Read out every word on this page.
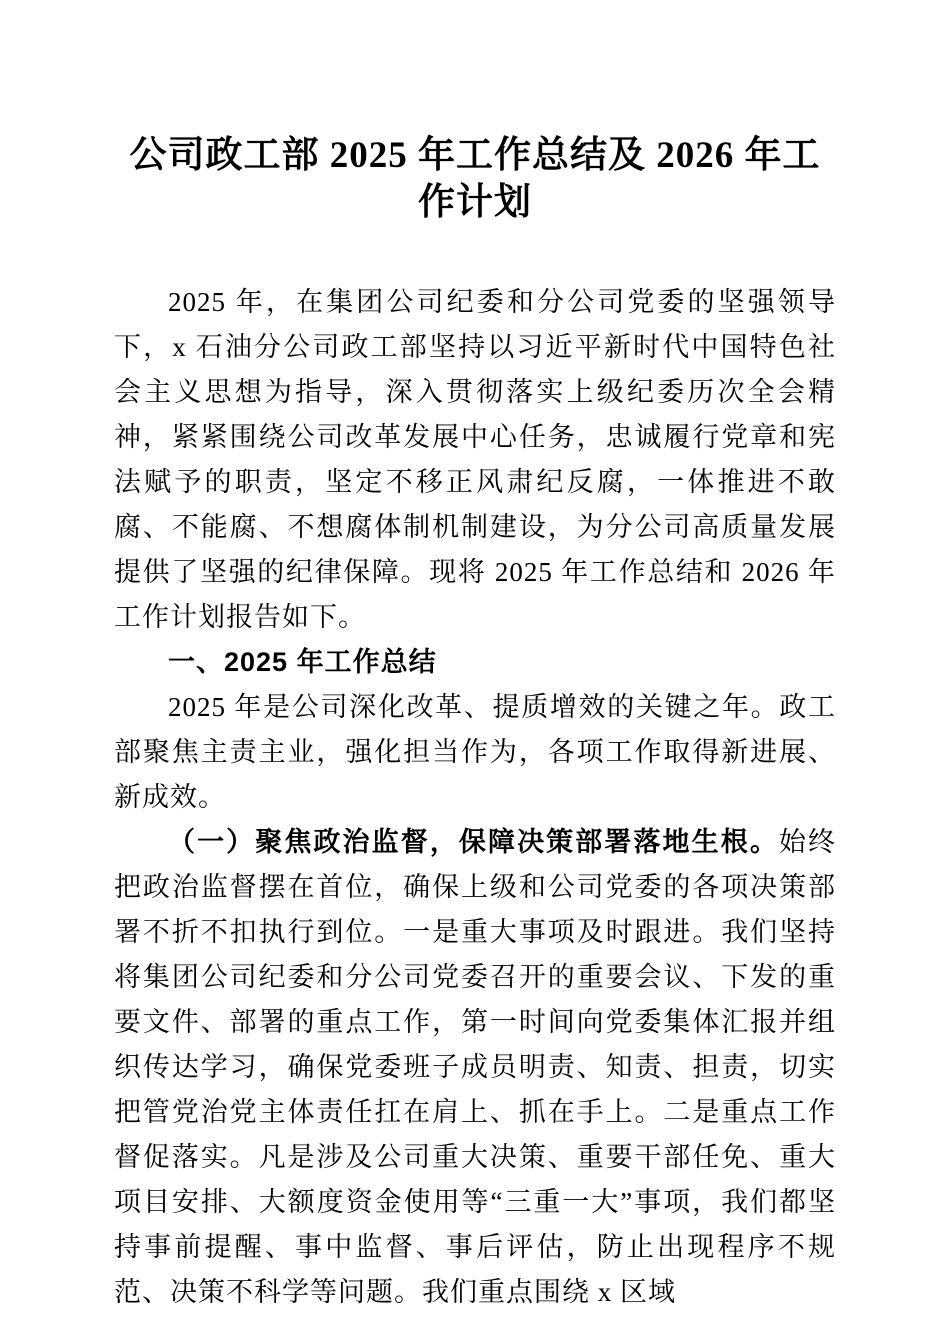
公司政工部 2025 年工作总结及 2026 年工作计划

2025 年，在集团公司纪委和分公司党委的坚强领导下，x 石油分公司政工部坚持以习近平新时代中国特色社会主义思想为指导，深入贯彻落实上级纪委历次全会精神，紧紧围绕公司改革发展中心任务，忠诚履行党章和宪法赋予的职责，坚定不移正风肃纪反腐，一体推进不敢腐、不能腐、不想腐体制机制建设，为分公司高质量发展提供了坚强的纪律保障。现将 2025 年工作总结和 2026 年工作计划报告如下。

一、2025 年工作总结

2025 年是公司深化改革、提质增效的关键之年。政工部聚焦主责主业，强化担当作为，各项工作取得新进展、新成效。

（一）聚焦政治监督，保障决策部署落地生根。始终把政治监督摆在首位，确保上级和公司党委的各项决策部署不折不扣执行到位。一是重大事项及时跟进。我们坚持将集团公司纪委和分公司党委召开的重要会议、下发的重要文件、部署的重点工作，第一时间向党委集体汇报并组织传达学习，确保党委班子成员明责、知责、担责，切实把管党治党主体责任扛在肩上、抓在手上。二是重点工作督促落实。凡是涉及公司重大决策、重要干部任免、重大项目安排、大额度资金使用等“三重一大”事项，我们都坚持事前提醒、事中监督、事后评估，防止出现程序不规范、决策不科学等问题。我们重点围绕 x 区域
